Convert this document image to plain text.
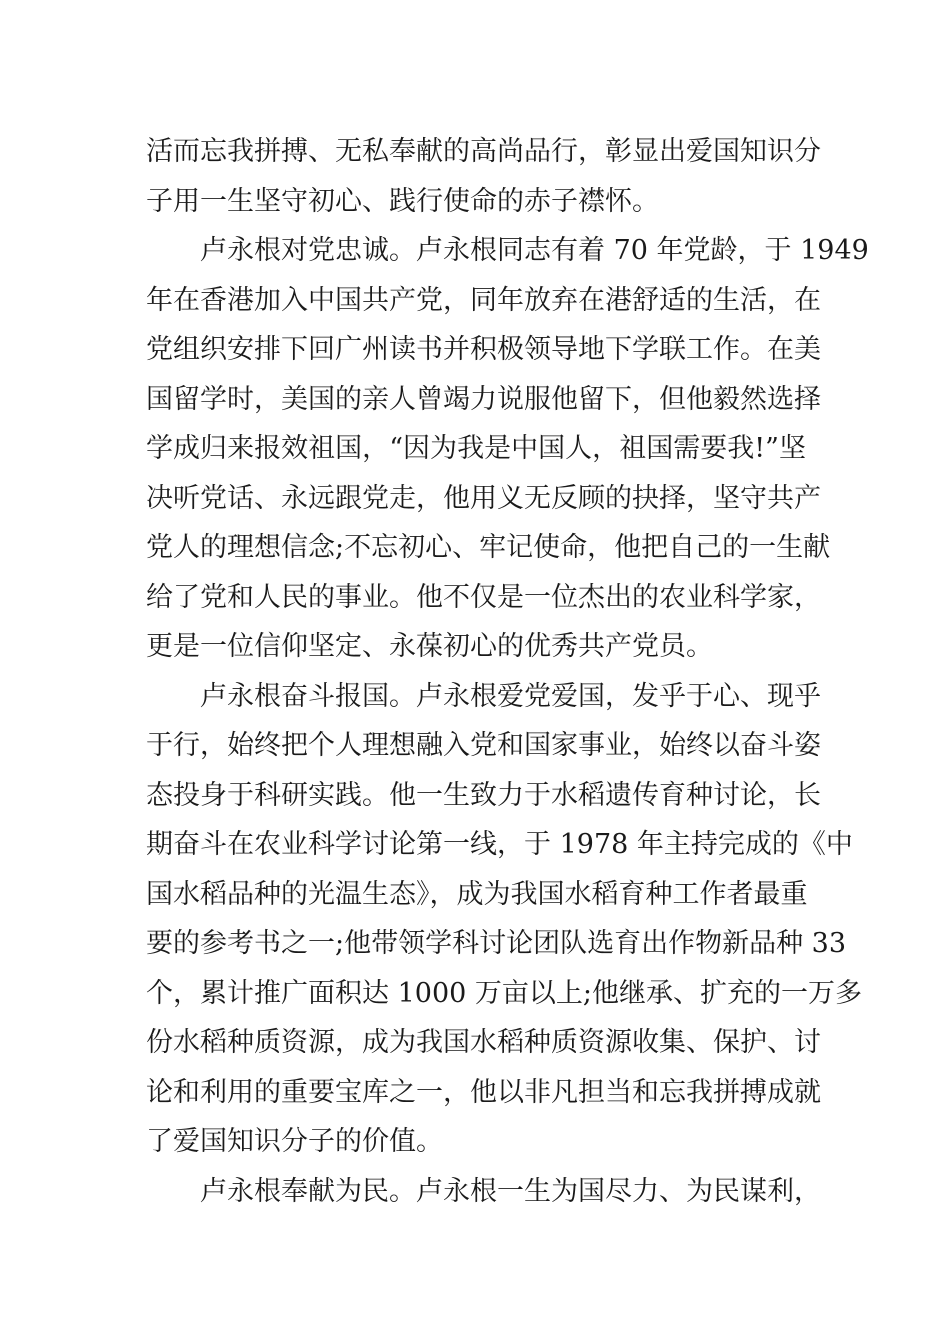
活而忘我拼搏、无私奉献的高尚品行，彰显出爱国知识分
子用一生坚守初心、践行使命的赤子襟怀。
卢永根对党忠诚。卢永根同志有着 70 年党龄，于 1949
年在香港加入中国共产党，同年放弃在港舒适的生活，在
党组织安排下回广州读书并积极领导地下学联工作。在美
国留学时，美国的亲人曾竭力说服他留下，但他毅然选择
学成归来报效祖国，“因为我是中国人，祖国需要我!”坚
决听党话、永远跟党走，他用义无反顾的抉择，坚守共产
党人的理想信念;不忘初心、牢记使命，他把自己的一生献
给了党和人民的事业。他不仅是一位杰出的农业科学家，
更是一位信仰坚定、永葆初心的优秀共产党员。
卢永根奋斗报国。卢永根爱党爱国，发乎于心、现乎
于行，始终把个人理想融入党和国家事业，始终以奋斗姿
态投身于科研实践。他一生致力于水稻遗传育种讨论，长
期奋斗在农业科学讨论第一线，于 1978 年主持完成的《中
国水稻品种的光温生态》，成为我国水稻育种工作者最重
要的参考书之一;他带领学科讨论团队选育出作物新品种 33
个，累计推广面积达 1000 万亩以上;他继承、扩充的一万多
份水稻种质资源，成为我国水稻种质资源收集、保护、讨
论和利用的重要宝库之一，他以非凡担当和忘我拼搏成就
了爱国知识分子的价值。
卢永根奉献为民。卢永根一生为国尽力、为民谋利，
